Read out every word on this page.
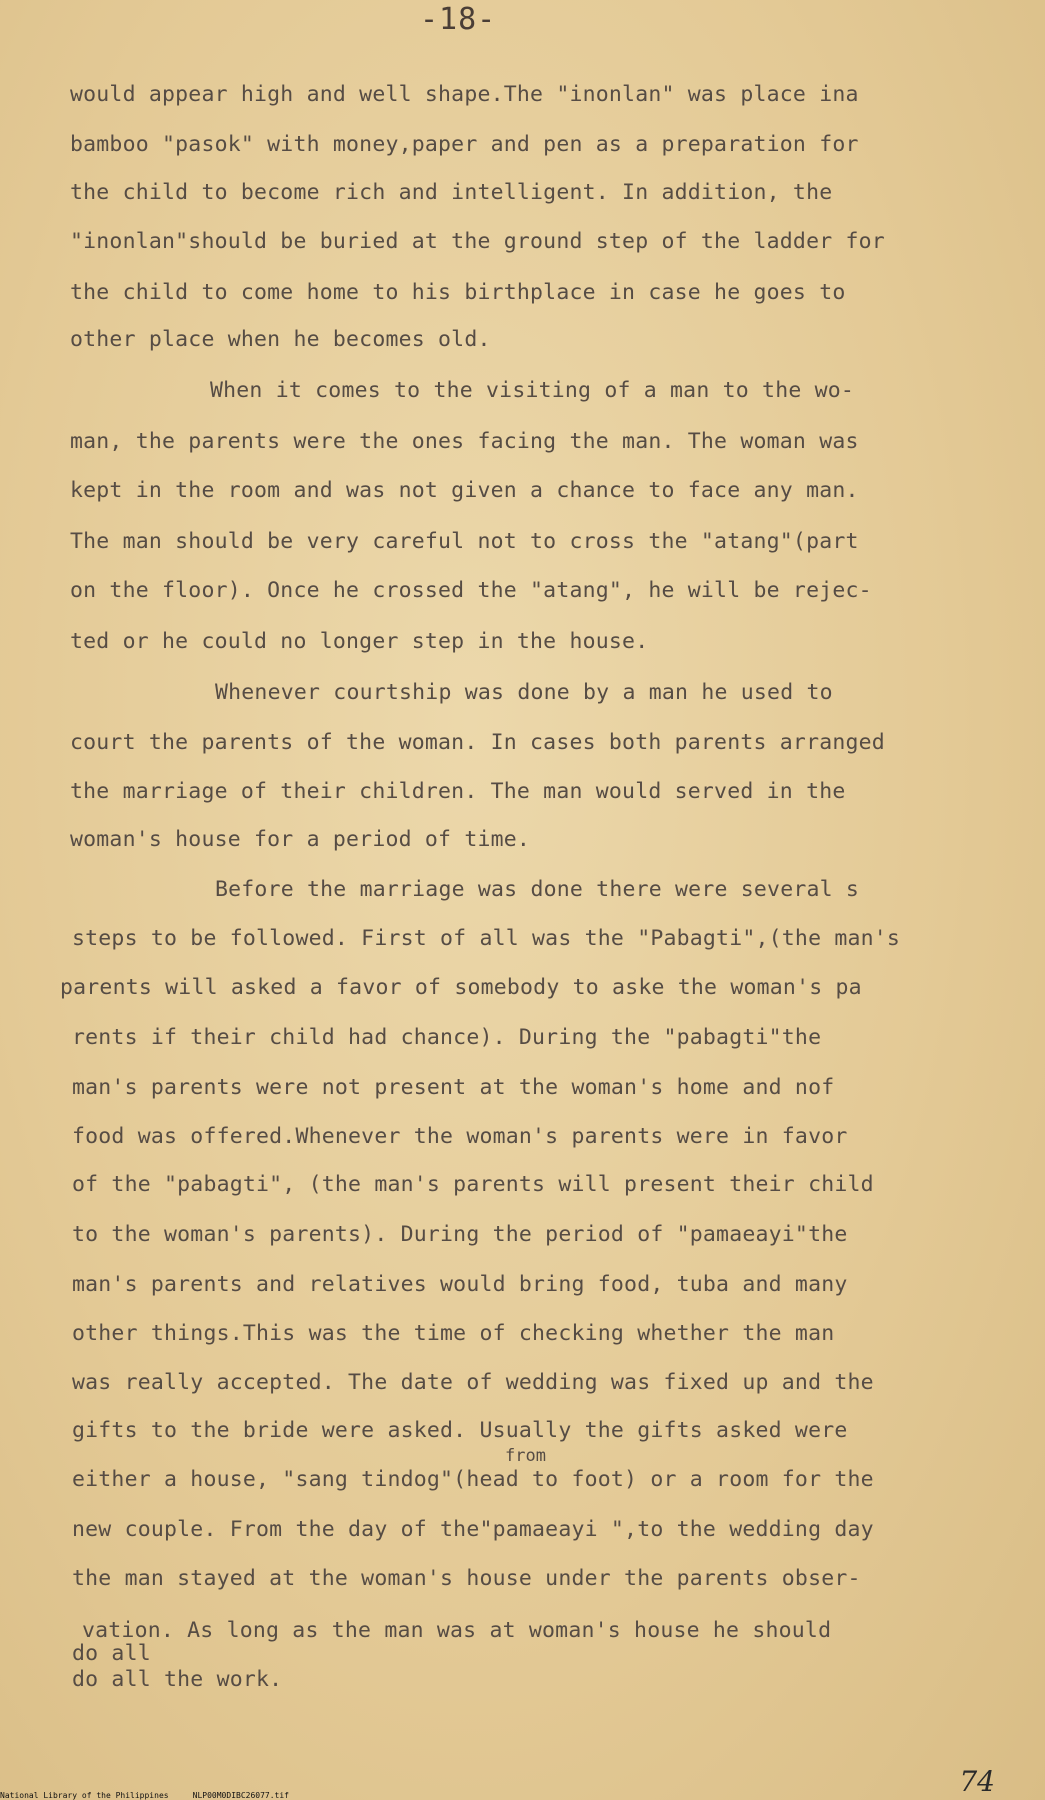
-18-
would appear high and well shape.The "inonlan" was place ina
bamboo "pasok" with money,paper and pen as a preparation for
the child to become rich and intelligent. In addition, the
"inonlan"should be buried at the ground step of the ladder for
the child to come home to his birthplace in case he goes to
other place when he becomes old.
When it comes to the visiting of a man to the wo-
man, the parents were the ones facing the man. The woman was
kept in the room and was not given a chance to face any man.
The man should be very careful not to cross the "atang"(part
on the floor). Once he crossed the "atang", he will be rejec-
ted or he could no longer step in the house.
Whenever courtship was done by a man he used to
court the parents of the woman. In cases both parents arranged
the marriage of their children. The man would served in the
woman's house for a period of time.
Before the marriage was done there were several s
steps to be followed. First of all was the "Pabagti",(the man's
parents will asked a favor of somebody to aske the woman's pa
rents if their child had chance). During the "pabagti"the
man's parents were not present at the woman's home and nof
food was offered.Whenever the woman's parents were in favor
of the "pabagti", (the man's parents will present their child
to the woman's parents). During the period of "pamaeayi"the
man's parents and relatives would bring food, tuba and many
other things.This was the time of checking whether the man
was really accepted. The date of wedding was fixed up and the
gifts to the bride were asked. Usually the gifts asked were
from
either a house, "sang tindog"(head to foot) or a room for the
new couple. From the day of the"pamaeayi ",to the wedding day
the man stayed at the woman's house under the parents obser-
vation. As long as the man was at woman's house he should
do all
do all the work.
National Library of the Philippines     NLP00M0DIBC26077.tif	74
